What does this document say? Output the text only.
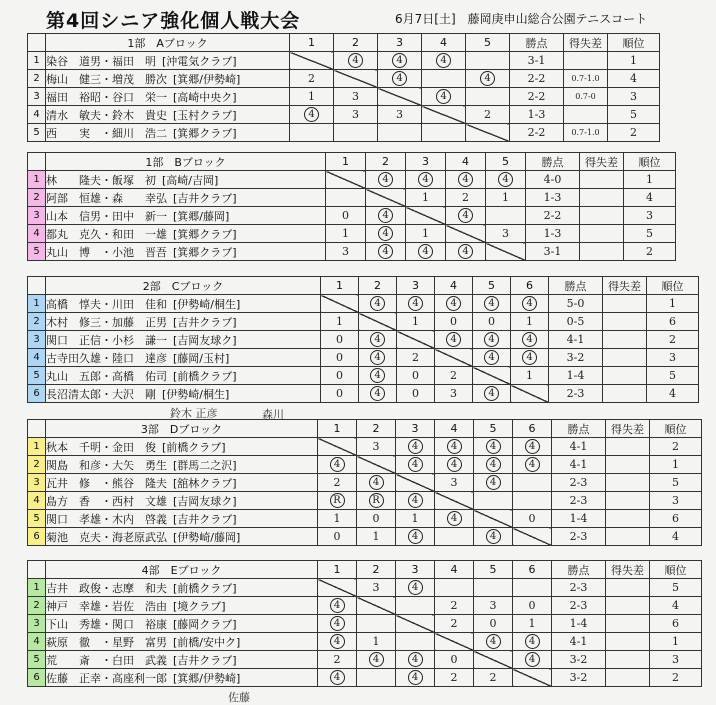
第4回シニア強化個人戦大会	6月7日[土]　藤岡庚申山総合公園テニスコート
	1部　Aブロック	1	2	3	4	5	勝点	得失差	順位
1	染谷　道男・福田　明 [沖電気クラブ]		4	4	4		3-1		1
2	梅山　健三・増茂　勝次 [箕郷/伊勢崎]	2		4		4	2-2	0.7-1.0	4
3	福田　裕昭・谷口　栄一 [高崎中央ク]	1	3		4		2-2	0.7-0	3
4	清水　敏夫・鈴木　貴史 [玉村クラブ]	4	3	3		2	1-3		5
5	西　　実　・細川　浩二 [箕郷クラブ]						2-2	0.7-1.0	2
	1部　Bブロック	1	2	3	4	5	勝点	得失差	順位
1	林　　隆夫・飯塚　初 [高崎/吉岡]		4	4	4	4	4-0		1
2	阿部　恒雄・森　　幸弘 [吉井クラブ]			1	2	1	1-3		4
3	山本　信男・田中　新一 [箕郷/藤岡]	0	4		4		2-2		3
4	都丸　克久・和田　一雄 [箕郷クラブ]	1	4	1		3	1-3		5
5	丸山　博　・小池　晋吾 [箕郷クラブ]	3	4	4	4		3-1		2
	2部　Cブロック	1	2	3	4	5	6	勝点	得失差	順位
1	高橋　惇夫・川田　佳和 [伊勢崎/桐生]		4	4	4	4	4	5-0		1
2	木村　修三・加藤　正男 [吉井クラブ]	1		1	0	0	1	0-5		6
3	関口　正信・小杉　謙一 [吉岡友球ク]	0	4		4	4	4	4-1		2
4	古寺田久雄・陸口　達彦 [藤岡/玉村]	0	4	2		4	4	3-2		3
5	丸山　五郎・高橋　佑司 [前橋クラブ]	0	4	0	2		1	1-4		5
6	長沼清太郎・大沢　剛 [伊勢崎/桐生]	0	4	0	3	4		2-3		4
	3部　Dブロック	1	2	3	4	5	6	勝点	得失差	順位
1	秋本　千明・金田　俊 [前橋クラブ]		3	4	4	4	4	4-1		2
2	関島　和彦・大矢　勇生 [群馬二之沢]	4		4	4	4	4	4-1		1
3	瓦井　修　・熊谷　隆夫 [舘林クラブ]	2	4		3	4		2-3		5
4	島方　香　・西村　文雄 [吉岡友球ク]	R	R	4				2-3		3
5	関口　孝雄・木内　啓義 [吉井クラブ]	1	0	1	4		0	1-4		6
6	菊池　克夫・海老原武弘 [伊勢崎/藤岡]	0	1	4		4		2-3		4
	4部　Eブロック	1	2	3	4	5	6	勝点	得失差	順位
1	吉井　政俊・志摩　和夫 [前橋クラブ]		3	4				2-3		5
2	神戸　幸雄・岩佐　浩由 [境クラブ]	4			2	3	0	2-3		4
3	下山　秀雄・関口　裕康 [藤岡クラブ]	4			2	0	1	1-4		6
4	萩原　徹　・星野　富男 [前橋/安中ク]	4	1			4	4	4-1		1
5	荒　　斎　・白田　武義 [吉井クラブ]	2	4	4	0		4	3-2		3
6	佐藤　正幸・高座利一郎 [箕郷/伊勢崎]	4		4	2	2		3-2		2
鈴木 正彦	森川
佐藤
